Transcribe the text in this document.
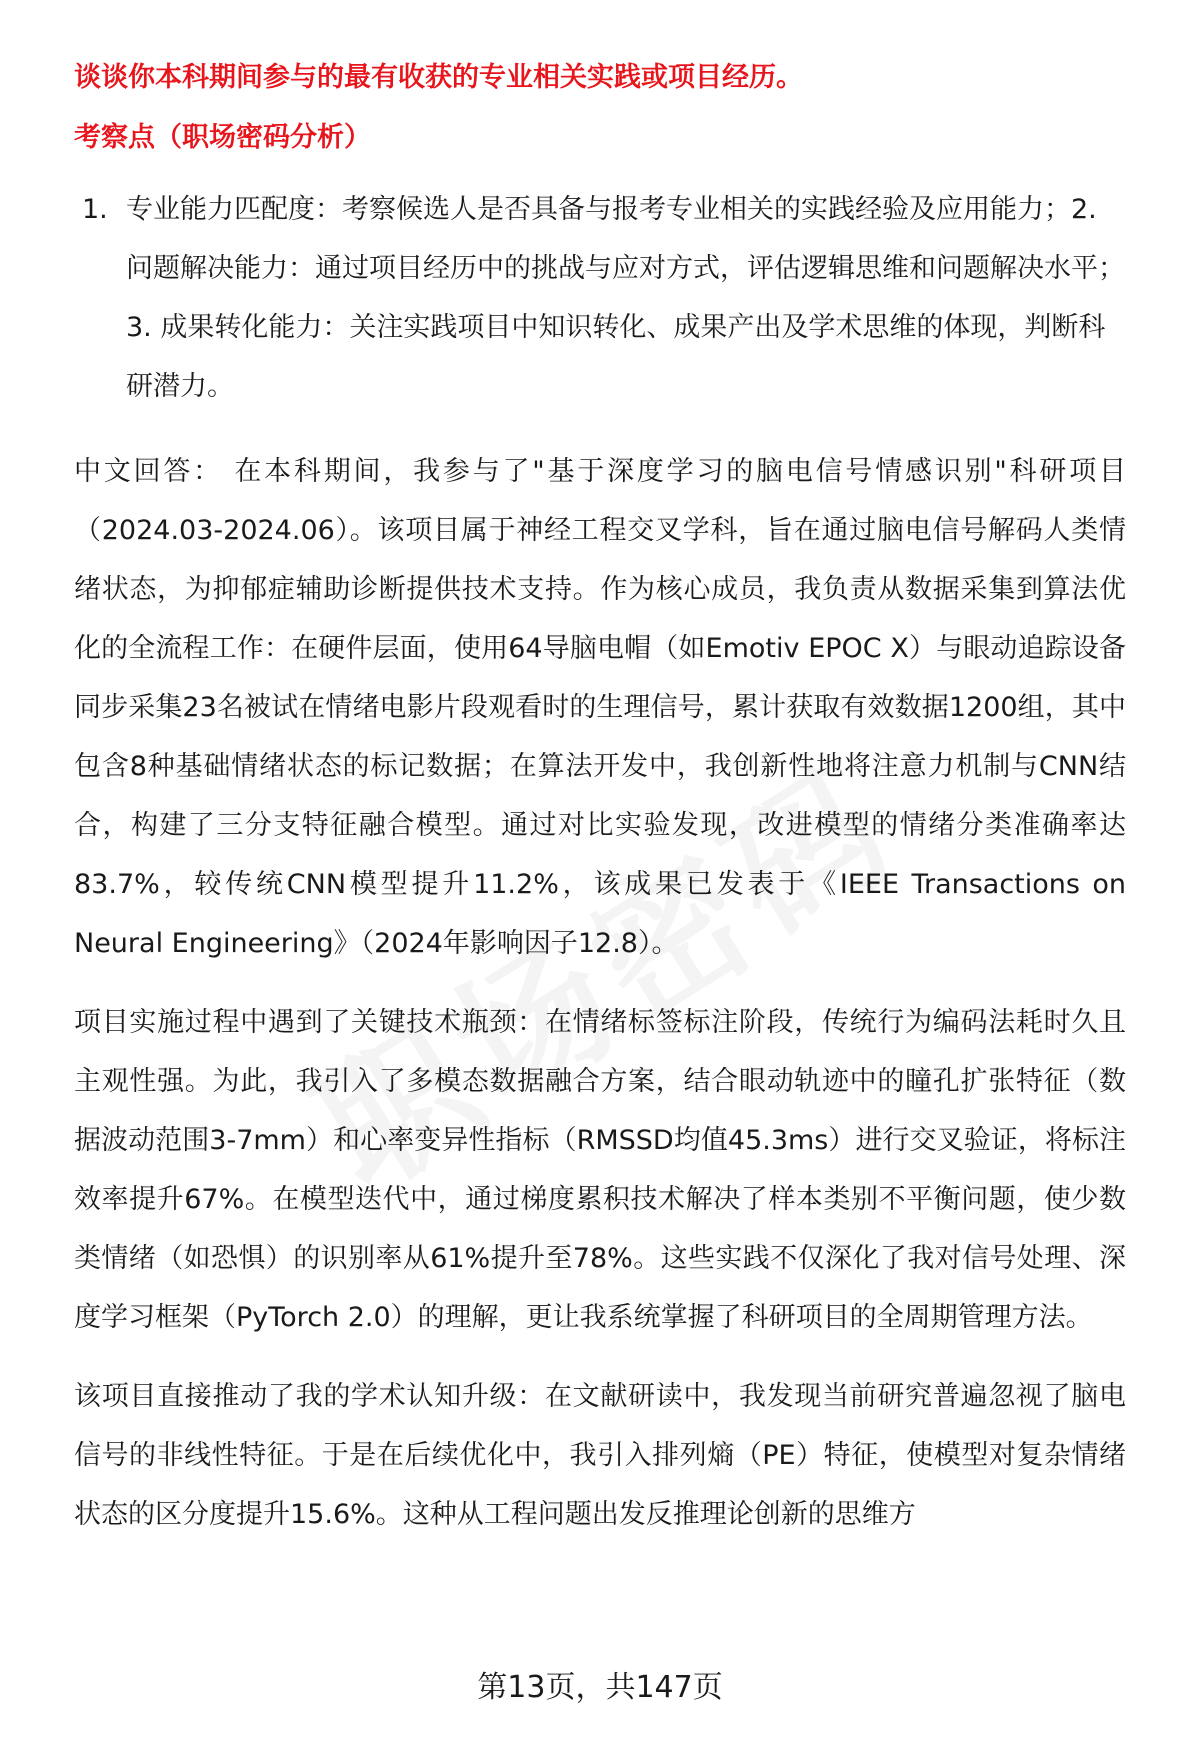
谈谈你本科期间参与的最有收获的专业相关实践或项目经历。
考察点（职场密码分析）
1. 专业能力匹配度：考察候选人是否具备与报考专业相关的实践经验及应用能力；2. 问题解决能力：通过项目经历中的挑战与应对方式，评估逻辑思维和问题解决水平；3. 成果转化能力：关注实践项目中知识转化、成果产出及学术思维的体现，判断科研潜力。

中文回答： 在本科期间，我参与了"基于深度学习的脑电信号情感识别"科研项目（2024.03-2024.06）。该项目属于神经工程交叉学科，旨在通过脑电信号解码人类情绪状态，为抑郁症辅助诊断提供技术支持。作为核心成员，我负责从数据采集到算法优化的全流程工作：在硬件层面，使用64导脑电帽（如Emotiv EPOC X）与眼动追踪设备同步采集23名被试在情绪电影片段观看时的生理信号，累计获取有效数据1200组，其中包含8种基础情绪状态的标记数据；在算法开发中，我创新性地将注意力机制与CNN结合，构建了三分支特征融合模型。通过对比实验发现，改进模型的情绪分类准确率达83.7%，较传统CNN模型提升11.2%，该成果已发表于《IEEE Transactions on Neural Engineering》（2024年影响因子12.8）。

项目实施过程中遇到了关键技术瓶颈：在情绪标签标注阶段，传统行为编码法耗时久且主观性强。为此，我引入了多模态数据融合方案，结合眼动轨迹中的瞳孔扩张特征（数据波动范围3-7mm）和心率变异性指标（RMSSD均值45.3ms）进行交叉验证，将标注效率提升67%。在模型迭代中，通过梯度累积技术解决了样本类别不平衡问题，使少数类情绪（如恐惧）的识别率从61%提升至78%。这些实践不仅深化了我对信号处理、深度学习框架（PyTorch 2.0）的理解，更让我系统掌握了科研项目的全周期管理方法。

该项目直接推动了我的学术认知升级：在文献研读中，我发现当前研究普遍忽视了脑电信号的非线性特征。于是在后续优化中，我引入排列熵（PE）特征，使模型对复杂情绪状态的区分度提升15.6%。这种从工程问题出发反推理论创新的思维方

第13页，共147页
